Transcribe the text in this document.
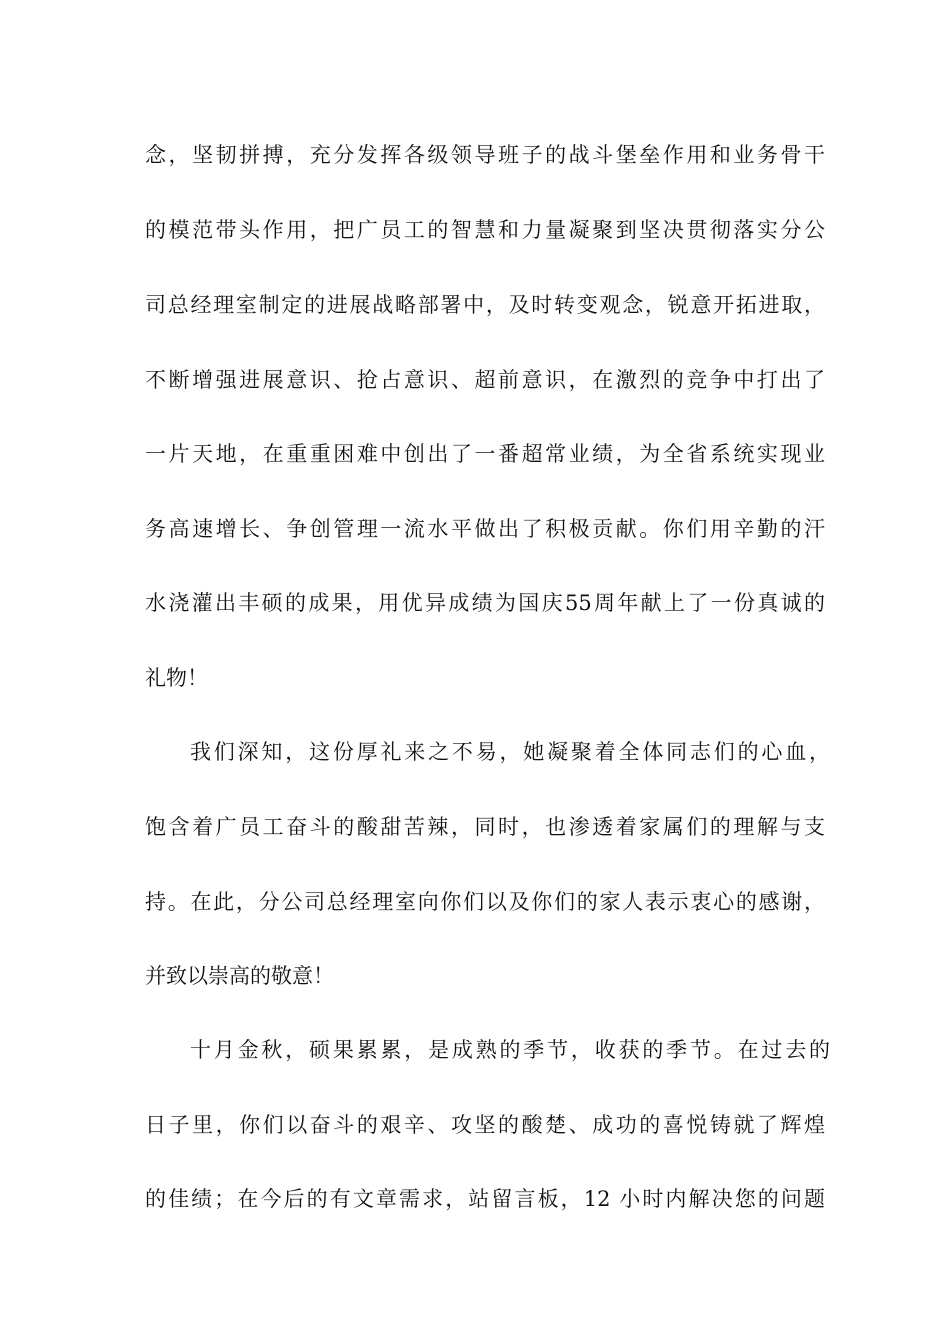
念，坚韧拼搏，充分发挥各级领导班子的战斗堡垒作用和业务骨干
的模范带头作用，把广员工的智慧和力量凝聚到坚决贯彻落实分公
司总经理室制定的进展战略部署中，及时转变观念，锐意开拓进取，
不断增强进展意识、抢占意识、超前意识，在激烈的竞争中打出了
一片天地，在重重困难中创出了一番超常业绩，为全省系统实现业
务高速增长、争创管理一流水平做出了积极贡献。你们用辛勤的汗
水浇灌出丰硕的成果，用优异成绩为国庆55周年献上了一份真诚的
礼物！
我们深知，这份厚礼来之不易，她凝聚着全体同志们的心血，
饱含着广员工奋斗的酸甜苦辣，同时，也渗透着家属们的理解与支
持。在此，分公司总经理室向你们以及你们的家人表示衷心的感谢，
并致以崇高的敬意！
十月金秋，硕果累累，是成熟的季节，收获的季节。在过去的
日子里，你们以奋斗的艰辛、攻坚的酸楚、成功的喜悦铸就了辉煌
的佳绩；在今后的有文章需求，站留言板，12 小时内解决您的问题
